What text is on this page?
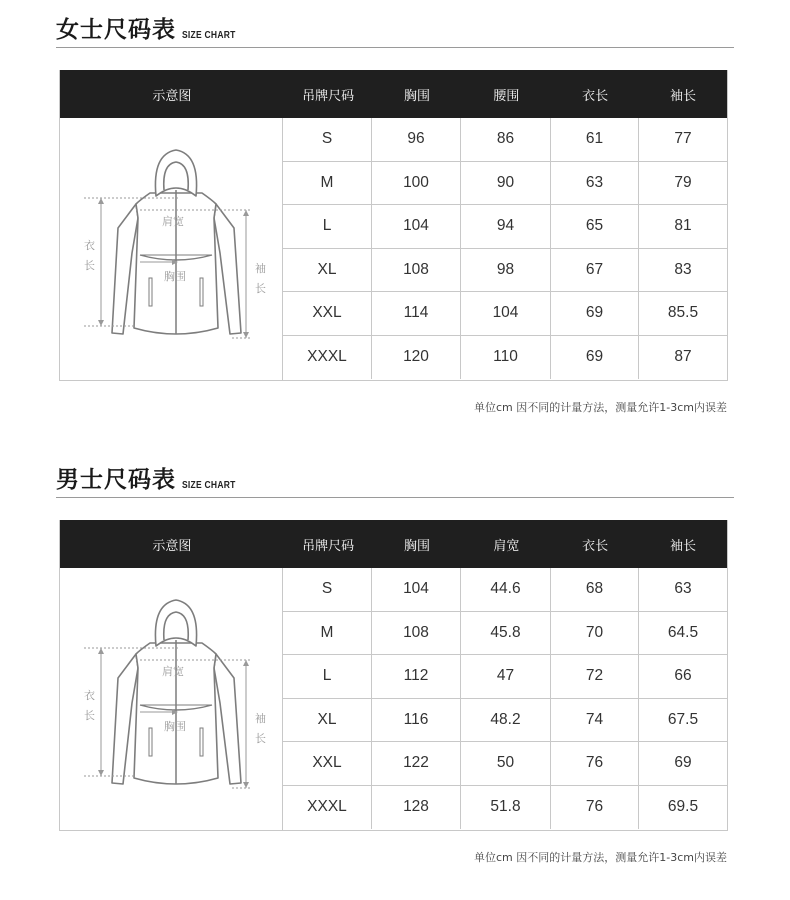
女士尺码表 SIZE CHART
示意图	吊牌尺码	胸围	腰围	衣长	袖长
肩宽
胸围
衣
长	袖
长
S	96	86	61	77
M	100	90	63	79
L	104	94	65	81
XL	108	98	67	83
XXL	114	104	69	85.5
XXXL	120	110	69	87
单位cm 因不同的计量方法，测量允许1-3cm内误差
男士尺码表 SIZE CHART
示意图	吊牌尺码	胸围	肩宽	衣长	袖长
肩宽
胸围
衣
长	袖
长
S	104	44.6	68	63
M	108	45.8	70	64.5
L	112	47	72	66
XL	116	48.2	74	67.5
XXL	122	50	76	69
XXXL	128	51.8	76	69.5
单位cm 因不同的计量方法，测量允许1-3cm内误差
